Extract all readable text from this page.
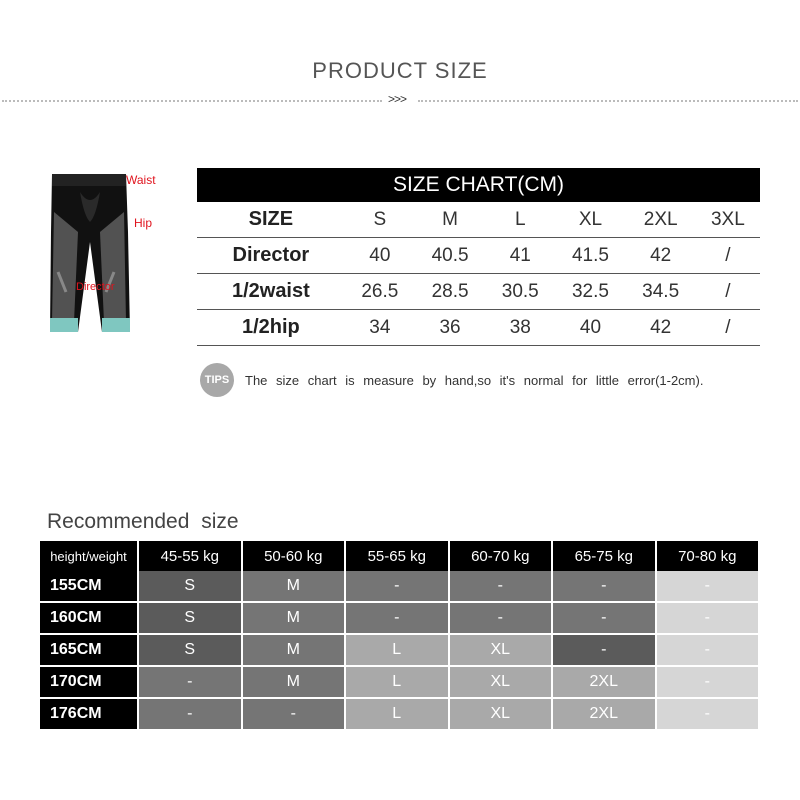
PRODUCT SIZE
>>>
Waist
Hip
Director
SIZE CHART(CM)						
SIZE	S	M	L	XL	2XL	3XL
Director	40	40.5	41	41.5	42	/
1/2waist	26.5	28.5	30.5	32.5	34.5	/
1/2hip	34	36	38	40	42	/
TIPS	The size chart is measure by hand,so it's normal for little error(1-2cm).
Recommended size
height/weight	45-55 kg	50-60 kg	55-65 kg	60-70 kg	65-75 kg	70-80 kg
155CM	S	M	-	-	-	-
160CM	S	M	-	-	-	-
165CM	S	M	L	XL	-	-
170CM	-	M	L	XL	2XL	-
176CM	-	-	L	XL	2XL	-
